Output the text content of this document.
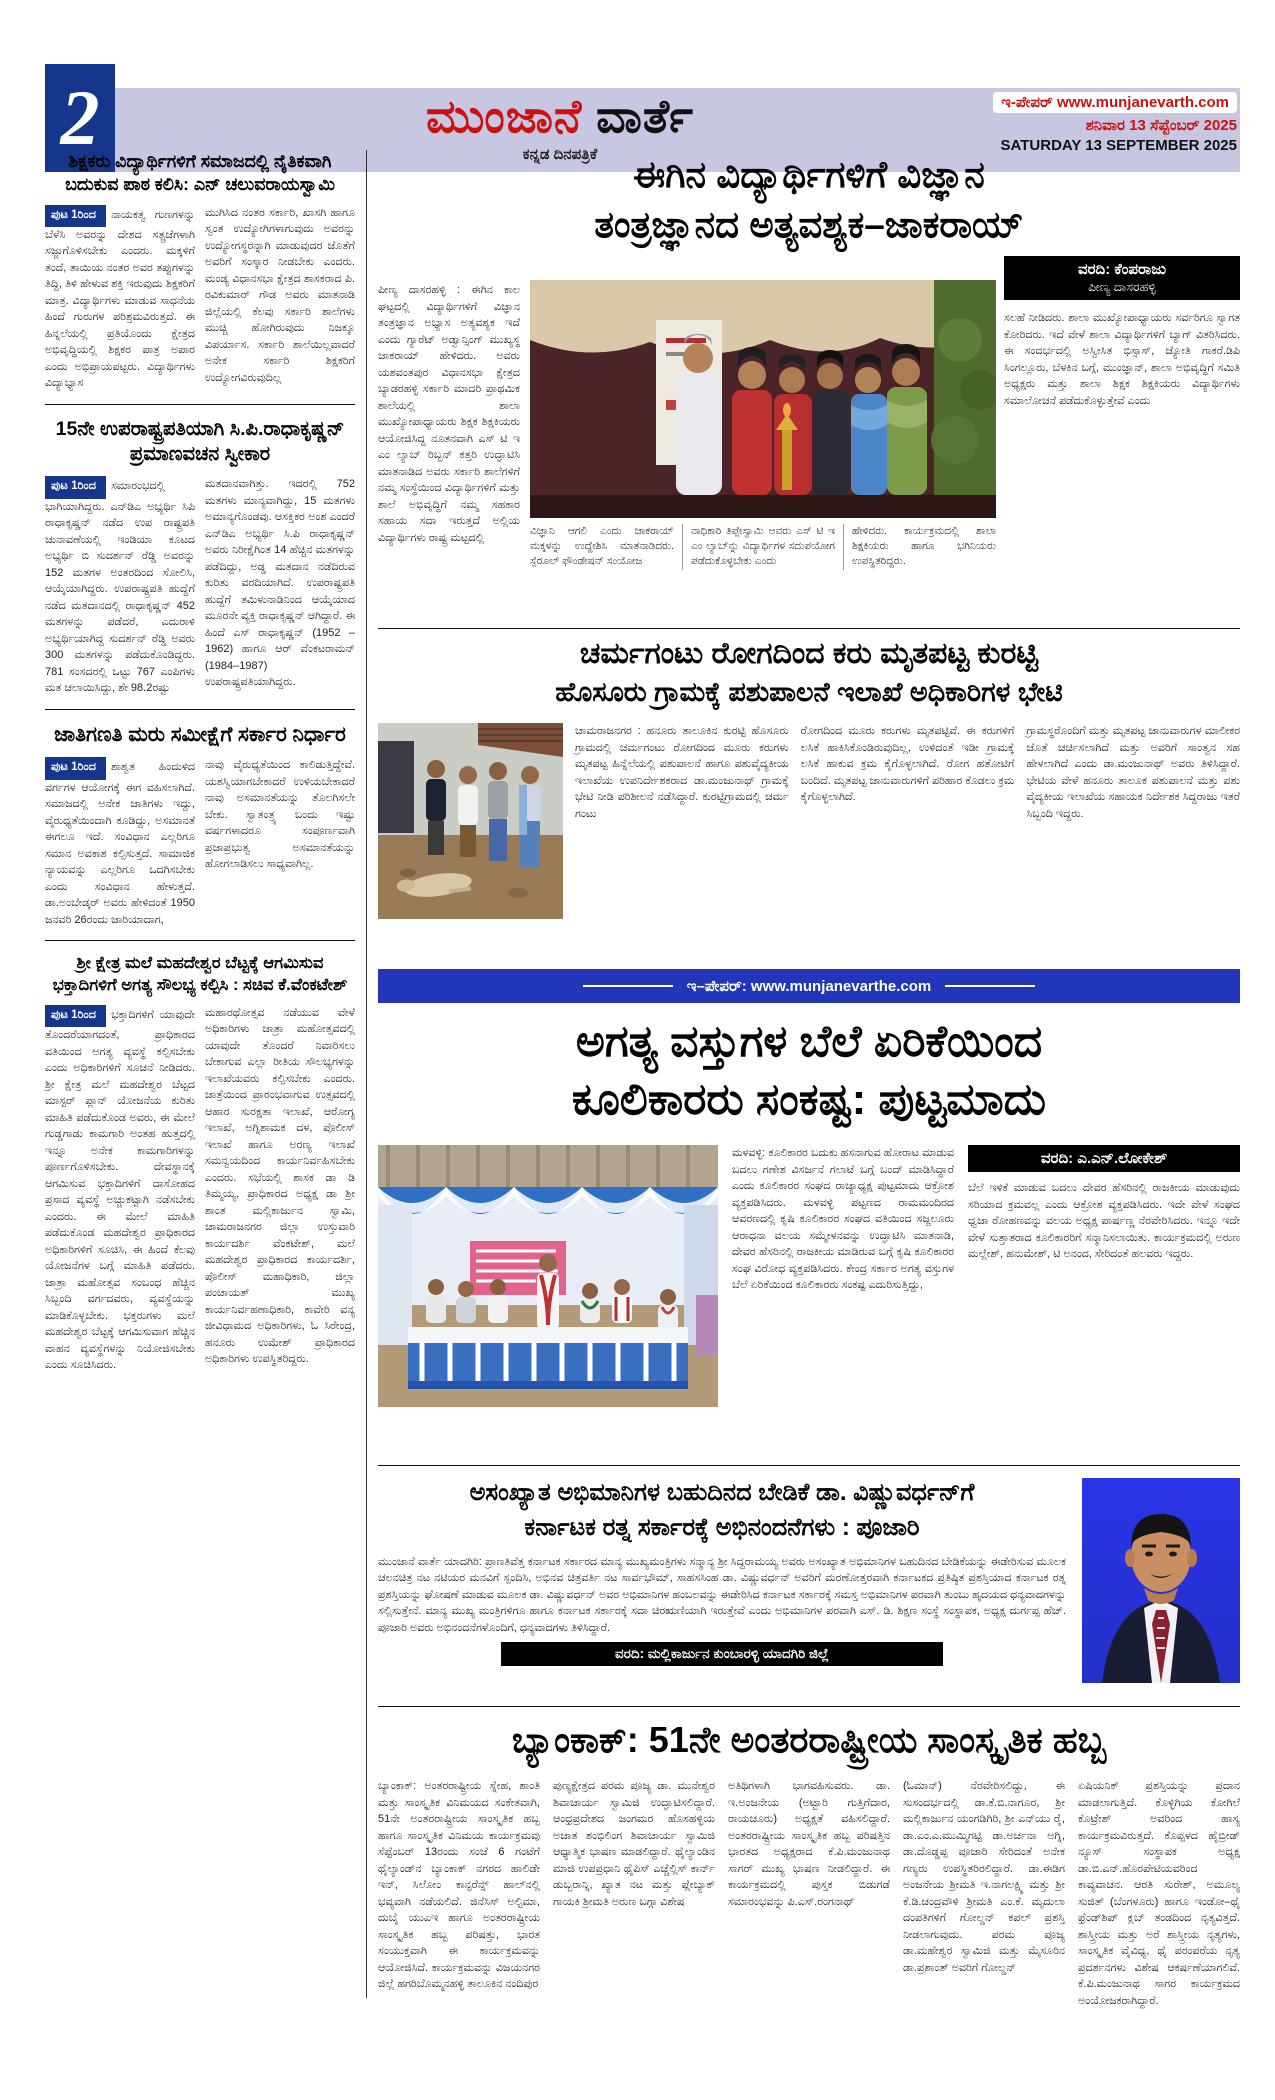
2	ಮುಂಜಾನೆ ವಾರ್ತೆ
ಕನ್ನಡ ದಿನಪತ್ರಿಕೆ
ಇ-ಪೇಪರ್ www.munjanevarth.com
ಶನಿವಾರ 13 ಸೆಪ್ಟೆಂಬರ್ 2025
SATURDAY 13 SEPTEMBER 2025
ಶಿಕ್ಷಕರು ವಿದ್ಯಾರ್ಥಿಗಳಿಗೆ ಸಮಾಜದಲ್ಲಿ ನೈತಿಕವಾಗಿ ಬದುಕುವ ಪಾಠ ಕಲಿಸಿ: ಎನ್ ಚಲುವರಾಯಸ್ವಾಮಿ
ಪುಟ 1ರಿಂದ ನಾಯಕತ್ವ ಗುಣಗಳನ್ನು ಬೆಳೆಸಿ ಅವರನ್ನು ದೇಶದ ಸತ್ಪ್ರಜೆಗಳಾಗಿ ಸಜ್ಜುಗೊಳಿಸಬೇಕು ಎಂದರು. ಮಕ್ಕಳಿಗೆ ತಂದೆ, ತಾಯಿಯ ನಂತರ ಅವರ ತಪ್ಪುಗಳನ್ನು ತಿದ್ದಿ, ತಿಳಿ ಹೇಳುವ ಶಕ್ತಿ ಇರುವುದು ಶಿಕ್ಷಕರಿಗೆ ಮಾತ್ರ. ವಿದ್ಯಾರ್ಥಿಗಳು ಮಾಡುವ ಸಾಧನೆಯ ಹಿಂದೆ ಗುರುಗಳ ಪರಿಶ್ರಮವಿರುತ್ತದೆ. ಈ ಹಿನ್ನಲೆಯಲ್ಲಿ ಪ್ರತಿಯೊಂದು ಕ್ಷೇತ್ರದ ಅಭಿವೃದ್ಧಿಯಲ್ಲಿ ಶಿಕ್ಷಕರ ಪಾತ್ರ ಅಪಾರ ಎಂದು ಅಭಿಪ್ರಾಯಪಟ್ಟರು. ವಿದ್ಯಾರ್ಥಿಗಳು ವಿದ್ಯಾಭ್ಯಾಸ
ಮುಗಿಸಿದ ನಂತರ ಸರ್ಕಾರಿ, ಖಾಸಗಿ ಹಾಗೂ ಸ್ವಂತ ಉದ್ಯೋಗಿಗಳಾಗುವುದು ಅವರನ್ನು ಉದ್ಯೋಗಸ್ಥರನ್ನಾಗಿ ಮಾಡುವುದರ ಜೊತೆಗೆ ಅವರಿಗೆ ಸಂಸ್ಕಾರ ನೀಡಬೇಕು ಎಂದರು. ಮಂಡ್ಯ ವಿಧಾನಸಭಾ ಕ್ಷೇತ್ರದ ಶಾಸಕರಾದ ಪಿ. ರವಿಕುಮಾರ್ ಗೌಡ ಅವರು ಮಾತನಾಡಿ ಜಿಲ್ಲೆಯಲ್ಲಿ ಕೆಲವು ಸರ್ಕಾರಿ ಶಾಲೆಗಳು ಮುಚ್ಚಿ ಹೋಗಿರುವುದು ನಿಜಕ್ಕೂ ವಿಪರ್ಯಾಸ. ಸರ್ಕಾರಿ ಶಾಲೆಯಿಲ್ಲವಾದರೆ ಅನೇಕ ಸರ್ಕಾರಿ ಶಿಕ್ಷಕರಿಗೆ ಉದ್ಯೋಗವಿರುವುದಿಲ್ಲ
15ನೇ ಉಪರಾಷ್ಟ್ರಪತಿಯಾಗಿ ಸಿ.ಪಿ.ರಾಧಾಕೃಷ್ಣನ್ ಪ್ರಮಾಣವಚನ ಸ್ವೀಕಾರ
ಪುಟ 1ರಿಂದ ಸಮಾರಂಭದಲ್ಲಿ ಭಾಗಿಯಾಗಿದ್ದರು. ಎನ್‌ಡಿಎ ಅಭ್ಯರ್ಥಿ ಸಿಪಿ ರಾಧಾಕೃಷ್ಣನ್ ನಡೆದ ಉಪ ರಾಷ್ಟ್ರಪತಿ ಚುನಾವಣೆಯಲ್ಲಿ ಇಂಡಿಯಾ ಕೂಟದ ಅಭ್ಯರ್ಥಿ ಬಿ ಸುದರ್ಶನ್ ರೆಡ್ಡಿ ಅವರನ್ನು 152 ಮತಗಳ ಅಂತರದಿಂದ ಸೋಲಿಸಿ, ಆಯ್ಕೆಯಾಗಿದ್ದರು. ಉಪರಾಷ್ಟ್ರಪತಿ ಹುದ್ದೆಗೆ ನಡೆದ ಮತದಾನದಲ್ಲಿ ರಾಧಾಕೃಷ್ಣನ್ 452 ಮತಗಳನ್ನು ಪಡೆದರೆ, ಎದುರಾಳಿ ಅಭ್ಯರ್ಥಿಯಾಗಿದ್ದ ಸುದರ್ಶನ್ ರೆಡ್ಡಿ ಅವರು 300 ಮತಗಳನ್ನು ಪಡೆದುಕೊಂಡಿದ್ದರು. 781 ಸಂಸದರಲ್ಲಿ ಒಟ್ಟು 767 ಎಂಪಿಗಳು ಮತ ಚಲಾಯಿಸಿದ್ದು, ಶೇ 98.2ರಷ್ಟು
ಮತದಾನವಾಗಿತ್ತು. ಇದರಲ್ಲಿ 752 ಮತಗಳು ಮಾನ್ಯವಾಗಿದ್ದು, 15 ಮತಗಳು ಅಮಾನ್ಯಗೊಂಡವು. ಆಸಕ್ತಿಕರ ಅಂಶ ಎಂದರೆ ಎನ್‌ಡಿಎ ಅಭ್ಯರ್ಥಿ ಸಿ.ಪಿ ರಾಧಾಕೃಷ್ಣನ್ ಅವರು ನಿರೀಕ್ಷೆಗಿಂತ 14 ಹೆಚ್ಚಿನ ಮತಗಳನ್ನು ಪಡೆದಿದ್ದು, ಅಡ್ಡ ಮತದಾನ ನಡೆದಿರುವ ಕುರಿತು ವರದಿಯಾಗಿದೆ. ಉಪರಾಷ್ಟ್ರಪತಿ ಹುದ್ದೆಗೆ ತಮಿಳುನಾಡಿನಿಂದ ಆಯ್ಕೆಯಾದ ಮೂರನೇ ವ್ಯಕ್ತಿ ರಾಧಾಕೃಷ್ಣನ್ ಆಗಿದ್ದಾರೆ. ಈ ಹಿಂದೆ ಎಸ್ ರಾಧಾಕೃಷ್ಣನ್ (1952 – 1962) ಹಾಗೂ ಆರ್ ವೆಂಕಟರಾಮನ್ (1984–1987) ಉಪರಾಷ್ಟ್ರಪತಿಯಾಗಿದ್ದರು.
ಜಾತಿಗಣತಿ ಮರು ಸಮೀಕ್ಷೆಗೆ ಸರ್ಕಾರ ನಿರ್ಧಾರ
ಪುಟ 1ರಿಂದ ಶಾಶ್ವತ ಹಿಂದುಳಿದ ವರ್ಗಗಳ ಆಯೋಗಕ್ಕೆ ಈಗ ವಹಿಸಲಾಗಿದೆ. ಸಮಾಜದಲ್ಲಿ ಅನೇಕ ಜಾತಿಗಳು ಇದ್ದು, ವೈರುಧ್ಯತೆಯಿಂದಾಗಿ ಕೂಡಿದ್ದು, ಅಸಮಾನತೆ ಈಗಲೂ ಇದೆ. ಸಂವಿಧಾನ ಎಲ್ಲರಿಗೂ ಸಮಾನ ಅವಕಾಶ ಕಲ್ಪಿಸುತ್ತದೆ. ಸಾಮಾಜಿಕ ನ್ಯಾಯವನ್ನು ಎಲ್ಲರಿಗೂ ಒದಗಿಸಬೇಕು ಎಂದು ಸಂವಿಧಾನ ಹೇಳುತ್ತದೆ. ಡಾ.ಅಂಬೇಡ್ಕರ್ ಅವರು ಹೇಳಿದಂತೆ 1950 ಜನವರಿ 26ರಂದು ಜಾರಿಯಾದಾಗ,
ನಾವು ವೈರುಧ್ಯತೆಯಿಂದ ಕಾಲಿಡುತ್ತಿದ್ದೇವೆ. ಯಶಸ್ವಿಯಾಗಬೇಕಾದರೆ ಉಳಿಯಬೇಕಾದರೆ ನಾವು ಅಸಮಾನತೆಯನ್ನು ತೊಲಗಿಸಲೇ ಬೇಕು. ಸ್ವಾತಂತ್ರ್ಯ ಬಂದು ಇಷ್ಟು ವರ್ಷಗಳಾದರೂ ಸಂಪೂರ್ಣವಾಗಿ ಪ್ರಜಾಪ್ರಭುತ್ವ ಅಸಮಾನತೆಯನ್ನು ಹೋಗಲಾಡಿಸಲು ಸಾಧ್ಯವಾಗಿಲ್ಲ.
ಶ್ರೀ ಕ್ಷೇತ್ರ ಮಲೆ ಮಹದೇಶ್ವರ ಬೆಟ್ಟಕ್ಕೆ ಆಗಮಿಸುವ ಭಕ್ತಾದಿಗಳಿಗೆ ಅಗತ್ಯ ಸೌಲಭ್ಯ ಕಲ್ಪಿಸಿ : ಸಚಿವ ಕೆ.ವೆಂಕಟೇಶ್
ಪುಟ 1ರಿಂದ ಭಕ್ತಾದಿಗಳಿಗೆ ಯಾವುದೇ ತೊಂದರೆಯಾಗದಂತೆ, ಪ್ರಾಧಿಕಾರದ ವತಿಯಿಂದ ಅಗತ್ಯ ವ್ಯವಸ್ಥೆ ಕಲ್ಪಿಸಬೇಕು ಎಂದು ಅಧಿಕಾರಿಗಳಿಗೆ ಸೂಚನೆ ನೀಡಿದರು. ಶ್ರೀ ಕ್ಷೇತ್ರ ಮಲೆ ಮಹದೇಶ್ವರ ಬೆಟ್ಟದ ಮಾಸ್ಟರ್ ಪ್ಲಾನ್ ಯೋಜನೆಯ ಕುರಿತು ಮಾಹಿತಿ ಪಡೆದುಕೊಂಡ ಅವರು, ಈ ಮೇಲೆ ಗುಡ್ಡಗಾಡು ಕಾಮಗಾರಿ ಅಂತಹ ಹುತ್ತದಲ್ಲಿ ಇನ್ನೂ ಅನೇಕ ಕಾಮಗಾರಿಗಳನ್ನು ಪೂರ್ಣಗೊಳಿಸಬೇಕು. ದೇವಸ್ಥಾನಕ್ಕೆ ಆಗಮಿಸುವ ಭಕ್ತಾದಿಗಳಿಗೆ ದಾಸೋಹದ ಪ್ರಸಾದ ವ್ಯವಸ್ಥೆ ಅಚ್ಚುಕಟ್ಟಾಗಿ ನಡೆಸಬೇಕು ಎಂದರು. ಈ ಮೇಲೆ ಮಾಹಿತಿ ಪಡೆದುಕೊಂಡ ಮಹದೇಶ್ವರ ಪ್ರಾಧಿಕಾರದ ಅಧಿಕಾರಿಗಳಿಗೆ ಸೂಚಿಸಿ, ಈ ಹಿಂದೆ ಕೆಲವು ಯೋಜನೆಗಳ ಬಗ್ಗೆ ಮಾಹಿತಿ ಪಡೆದರು. ಜಾತ್ರಾ ಮಹೋತ್ಸವ ಸಂಬಂಧ ಹೆಚ್ಚಿನ ಸಿಬ್ಬಂದಿ ವರ್ಗದವರು, ವ್ಯವಸ್ಥೆಯನ್ನು ಮಾಡಿಕೊಳ್ಳಬೇಕು. ಭಕ್ತರುಗಳು ಮಲೆ ಮಹದೇಶ್ವರ ಬೆಟ್ಟಕ್ಕೆ ಆಗಮಿಸುವಾಗ ಹೆಚ್ಚಿನ ವಾಹನ ವ್ಯವಸ್ಥೆಗಳನ್ನು ನಿಯೋಜಿಸಬೇಕು ಎಂದು ಸೂಚಿಸಿದರು.
ಮಹಾರಥೋತ್ಸವ ನಡೆಯುವ ವೇಳೆ ಅಧಿಕಾರಿಗಳು ಜಾತ್ರಾ ಮಹೋತ್ಸವದಲ್ಲಿ ಯಾವುದೇ ತೊಂದರೆ ನಿವಾರಿಸಲು ಬೇಕಾಗುವ ಎಲ್ಲಾ ರೀತಿಯ ಸೌಲಭ್ಯಗಳನ್ನು ಇಲಾಖೆಯವರು ಕಲ್ಪಿಸಬೇಕು ಎಂದರು. ಜಾತ್ರೆಯಿಂದ ಪ್ರಾರಂಭವಾಗುವ ಉತ್ಸವದಲ್ಲಿ ಆಹಾರ ಸುರಕ್ಷತಾ ಇಲಾಖೆ, ಆರೋಗ್ಯ ಇಲಾಖೆ, ಅಗ್ನಿಶಾಮಕ ದಳ, ಪೊಲೀಸ್ ಇಲಾಖೆ ಹಾಗೂ ಅರಣ್ಯ ಇಲಾಖೆ ಸಮನ್ವಯದಿಂದ ಕಾರ್ಯನಿರ್ವಹಿಸಬೇಕು ಎಂದರು. ಸಭೆಯಲ್ಲಿ ಶಾಸಕ ಡಾ ಡಿ ತಿಮ್ಮಯ್ಯ, ಪ್ರಾಧಿಕಾರದ ಅಧ್ಯಕ್ಷ ಡಾ ಶ್ರೀ ಶಾಂತ ಮಲ್ಲಿಕಾರ್ಜುನ ಸ್ವಾಮಿ, ಚಾಮರಾಜನಗರ ಜಿಲ್ಲಾ ಉಸ್ತುವಾರಿ ಕಾರ್ಯದರ್ಶಿ ವೆಂಕಟೇಶ್, ಮಲೆ ಮಹದೇಶ್ವರ ಪ್ರಾಧಿಕಾರದ ಕಾರ್ಯದರ್ಶಿ, ಪೊಲೀಸ್ ಮಹಾಧಿಕಾರಿ, ಜಿಲ್ಲಾ ಪಂಚಾಯತ್ ಮುಖ್ಯ ಕಾರ್ಯನಿರ್ವಹಣಾಧಿಕಾರಿ, ಕಾವೇರಿ ವನ್ಯ ಜೀವಿಧಾಮದ ಅಧಿಕಾರಿಗಳು, ಓ ಸಿರೇಂದ್ರ, ಹನೂರು ಉಮೇಶ್ ಪ್ರಾಧಿಕಾರದ ಅಧಿಕಾರಿಗಳು ಉಪಸ್ಥಿತರಿದ್ದರು.
ಈಗಿನ ವಿದ್ಯಾರ್ಥಿಗಳಿಗೆ ವಿಜ್ಞಾನ
ತಂತ್ರಜ್ಞಾನದ ಅತ್ಯವಶ್ಯಕ–ಜಾಕರಾಯ್
ಪೀಣ್ಯ ದಾಸರಹಳ್ಳಿ : ಈಗಿನ ಕಾಲ ಘಟ್ಟದಲ್ಲಿ ವಿದ್ಯಾರ್ಥಿಗಳಿಗೆ ವಿಜ್ಞಾನ ತಂತ್ರಜ್ಞಾನ ಅಭ್ಯಾಸ ಅತ್ಯವಶ್ಯಕ ಇದೆ ಎಂದು ಗ್ಯಾರೆಟ್ ಅಡ್ವಾನ್ಸಿಂಗ್ ಮುಖ್ಯಸ್ಥ ಜಾಕರಾಯ್ ಹೇಳಿದರು. ಅವರು ಯಶವಂತಪುರ ವಿಧಾನಸಭಾ ಕ್ಷೇತ್ರದ ಬ್ಯಾಡರಹಳ್ಳಿ ಸರ್ಕಾರಿ ಮಾದರಿ ಪ್ರಾಥಮಿಕ ಶಾಲೆಯಲ್ಲಿ ಶಾಲಾ ಮುಖ್ಯೋಪಾಧ್ಯಾಯರು ಶಿಕ್ಷಕ ಶಿಕ್ಷಕಿಯರು ಆಯೋಜಿಸಿದ್ದ ನೂತನವಾಗಿ ಎಸ್ ಟಿ ಇ ಎಂ ಲ್ಯಾಬ್ ರಿಬ್ಬನ್ ಕತ್ತರಿ ಉದ್ಘಾಟಿಸಿ ಮಾತನಾಡಿದ ಅವರು ಸರ್ಕಾರಿ ಶಾಲೆಗಳಿಗೆ ನಮ್ಮ ಸಂಸ್ಥೆಯಿಂದ ವಿದ್ಯಾರ್ಥಿಗಳಿಗೆ ಮತ್ತು ಶಾಲೆ ಅಭಿವೃದ್ಧಿಗೆ ನಮ್ಮ ಸಹಕಾರ ಸಹಾಯ ಸದಾ ಇರುತ್ತದೆ ಅಲ್ಲಿಯ ವಿದ್ಯಾರ್ಥಿಗಳು ರಾಷ್ಟ್ರ ಮಟ್ಟದಲ್ಲಿ
ವಿಜ್ಞಾನಿ ಆಗಲಿ ಎಂದು ಜಾಕರಾಯ್ ಮಕ್ಕಳನ್ನು ಉದ್ದೇಶಿಸಿ ಮಾತನಾಡಿದರು. ಸ್ಪೆರೂಲ್ ಫೌಂಡೇಷನ್ ಸಂಯೋಜ
ನಾಧಿಕಾರಿ ತಿಪ್ಪೇಸ್ವಾಮಿ ಅವರು ಎಸ್ ಟಿ ಇ ಎಂ ಲ್ಯಾಬ್‌ನ್ನು ವಿದ್ಯಾರ್ಥಿಗಳ ಸದುಪಯೋಗ ಪಡೆದುಕೊಳ್ಳಬೇಕು ಎಂದು
ಹೇಳಿದರು. ಕಾರ್ಯಕ್ರಮದಲ್ಲಿ ಶಾಲಾ ಶಿಕ್ಷಕಿಯರು ಹಾಗೂ ಭಗಿನಿಯರು ಉಪಸ್ಥಿತರಿದ್ದರು.
ವರದಿ: ಕೆಂಪರಾಜು
ಪೀಣ್ಯ ದಾಸರಹಳ್ಳಿ
ಸಲಹೆ ನೀಡಿದರು. ಶಾಲಾ ಮುಖ್ಯೋಪಾಧ್ಯಾಯರು ಸರ್ವರಿಗೂ ಸ್ವಾಗತ ಕೋರಿದರು. ಇದೆ ವೇಳೆ ಶಾಲಾ ವಿದ್ಯಾರ್ಥಿಗಳಿಗೆ ಬ್ಯಾಗ್ ವಿತರಿಸಿದರು. ಈ ಸಂದರ್ಭದಲ್ಲಿ ಅಸ್ವೀಸಿತ ಭಿಸ್ಸಾಸ್, ಜ್ಯೋತಿ ಗಾಕರೆ.ಡಿಪಿ ಸಿಂಗಲ್ಲೂರು, ಬೆಳಕಿನ ಬಗ್ಗೆ, ಮುಂಜ್ಞಾನ್, ಶಾಲಾ ಅಭಿವೃದ್ಧಿಗೆ ಸಮಿತಿ ಅಧ್ಯಕ್ಷರು ಮತ್ತು ಶಾಲಾ ಶಿಕ್ಷಕ ಶಿಕ್ಷಕಿಯರು ವಿದ್ಯಾರ್ಥಿಗಳು ಸಮಾಲೋಚನೆ ಪಡೆದುಕೊಳ್ಳುತ್ತೇವೆ ಎಂದು
ಚರ್ಮಗಂಟು ರೋಗದಿಂದ ಕರು ಮೃತಪಟ್ಟ ಕುರಟ್ಟಿ
ಹೊಸೂರು ಗ್ರಾಮಕ್ಕೆ ಪಶುಪಾಲನೆ ಇಲಾಖೆ ಅಧಿಕಾರಿಗಳ ಭೇಟಿ
ಚಾಮರಾಜನಗರ : ಹನೂರು ತಾಲೂಕಿನ ಕುರಟ್ಟಿ ಹೊಸೂರು ಗ್ರಾಮದಲ್ಲಿ ಚರ್ಮಗಂಟು ರೋಗದಿಂದ ಮೂರು ಕರುಗಳು ಮೃತಪಟ್ಟ ಹಿನ್ನೆಲೆಯಲ್ಲಿ ಪಶುಪಾಲನೆ ಹಾಗೂ ಪಶುವೈದ್ಯಕೀಯ ಇಲಾಖೆಯ ಉಪನಿರ್ದೇಶಕರಾದ ಡಾ.ಮಂಜುನಾಥ್ ಗ್ರಾಮಕ್ಕೆ ಭೇಟಿ ನೀಡಿ ಪರಿಶೀಲನೆ ನಡೆಸಿದ್ದಾರೆ. ಕುರಟ್ಟಿಗ್ರಾಮದಲ್ಲಿ ಚರ್ಮ ಗಂಟು
ರೋಗದಿಂದ ಮೂರು ಕರುಗಳು ಮೃತಪಟ್ಟಿವೆ. ಈ ಕರುಗಳಿಗೆ ಲಸಿಕೆ ಹಾಕಿಸಿಕೊಂಡಿರುವುದಿಲ್ಲ, ಉಳಿದಂತೆ ಇಡೀ ಗ್ರಾಮಕ್ಕೆ ಲಸಿಕೆ ಹಾಕುವ ಕ್ರಮ ಕೈಗೊಳ್ಳಲಾಗಿದೆ. ರೋಗ ಹತೋಟಿಗೆ ಬಂದಿದೆ. ಮೃತಪಟ್ಟ ಜಾನುವಾರುಗಳಿಗೆ ಪರಿಹಾರ ಕೊಡಲು ಕ್ರಮ ಕೈಗೊಳ್ಳಲಾಗಿದೆ.
ಗ್ರಾಮಸ್ಥರೊಂದಿಗೆ ಮತ್ತು ಮೃತಪಟ್ಟ ಜಾನುವಾರುಗಳ ಮಾಲೀಕರ ಜೊತೆ ಚರ್ಚಿಸಲಾಗಿದೆ ಮತ್ತು ಅವರಿಗೆ ಸಾಂತ್ವನ ಸಹ ಹೇಳಲಾಗಿದೆ ಎಂದು ಡಾ.ಮಂಜುನಾಥ್ ಅವರು ತಿಳಿಸಿದ್ದಾರೆ. ಭೇಟಿಯ ವೇಳೆ ಹನೂರು ತಾಲೂಕ ಪಶುಪಾಲನೆ ಮತ್ತು ಪಶು ವೈದ್ಯಕೀಯ ಇಲಾಖೆಯ ಸಹಾಯಕ ನಿರ್ದೇಶಕ ಸಿದ್ದರಾಜು ಇತರೆ ಸಿಬ್ಬಂದಿ ಇದ್ದರು.
ಇ–ಪೇಪರ್: www.munjanevarthe.com
ಅಗತ್ಯ ವಸ್ತುಗಳ ಬೆಲೆ ಏರಿಕೆಯಿಂದ
ಕೂಲಿಕಾರರು ಸಂಕಷ್ಟ: ಪುಟ್ಟಮಾದು
ಮಳವಳ್ಳಿ: ಕೂಲಿಕಾರರ ಬದುಕು ಹಸನಾಗುವ ಹೋರಾಟ ಮಾಡುವ ಬದಲು ಗಣೇಶ ವಿಸರ್ಜನೆ ಗಲಾಟೆ ಬಗ್ಗೆ ಬಂದ್ ಮಾಡಿಸಿದ್ದಾರೆ ಎಂದು ಕೂಲಿಕಾರರ ಸಂಘದ ರಾಜ್ಯಾಧ್ಯಕ್ಷ ಪುಟ್ಟಮಾದು ಆಕ್ರೋಶ ವ್ಯಕ್ತಪಡಿಸಿದರು. ಮಳವಳ್ಳಿ ಪಟ್ಟಣದ ರಾಮಮಂದಿರದ ಆವರಣದಲ್ಲಿ ಕೃಷಿ ಕೂಲಿಕಾರರ ಸಂಘದ ವತಿಯಿಂದ ಸಜ್ಜಲೂರು ಆರಾಧನಾ ವಲಯ ಸಮ್ಮೇಳನವನ್ನು ಉದ್ಘಾಟಿಸಿ ಮಾತನಾಡಿ, ದೇವರ ಹೆಸರಿನಲ್ಲಿ ರಾಜಕೀಯ ಮಾಡಿರುವ ಬಗ್ಗೆ ಕೃಷಿ ಕೂಲಿಕಾರರ ಸಂಘ ವಿರೋಧ ವ್ಯಕ್ತಪಡಿಸಿದರು. ಕೇಂದ್ರ ಸರ್ಕಾರ ಅಗತ್ಯ ವಸ್ತುಗಳ ಬೆಲೆ ಏರಿಕೆಯಿಂದ ಕೂಲಿಕಾರರು ಸಂಕಷ್ಟ ಎದುರಿಸುತ್ತಿದ್ದು,
ವರದಿ: ಎ.ಎನ್.ಲೋಕೇಶ್
ಬೆಲೆ ಇಳಿಕೆ ಮಾಡುವ ಬದಲು ದೇವರ ಹೆಸರಿನಲ್ಲಿ ರಾಜಕೀಯ ಮಾಡುವುದು ಸರಿಯಾದ ಕ್ರಮವಲ್ಲ ಎಂದು ಆಕ್ರೋಶ ವ್ಯಕ್ತಪಡಿಸಿದರು. ಇದೇ ವೇಳೆ ಸಂಘದ ಧ್ವಜಾ ರೋಹಣವನ್ನು ವಲಯ ಅಧ್ಯಕ್ಷ ಪಾರ್ಷಣ್ಣ ನೆರವೇರಿಸಿದರು. ಇನ್ನೂ ಇದೇ ವೇಳೆ ಸುತ್ತಾತರಾದ ಕೂಲಿಕಾರರಿಗೆ ಸನ್ಮಾನಿಸಲಾಯಿತು. ಕಾರ್ಯಕ್ರಮದಲ್ಲಿ ಅರುಣ ಮಲ್ಲೇಶ್, ಹನುಮೇಶ್, ಟಿ ಅನಂದ, ಸೇರಿದಂತೆ ಹಲವರು ಇದ್ದರು.
ಅಸಂಖ್ಯಾತ ಅಭಿಮಾನಿಗಳ ಬಹುದಿನದ ಬೇಡಿಕೆ ಡಾ. ವಿಷ್ಣುವರ್ಧನ್‌ಗೆ
ಕರ್ನಾಟಕ ರತ್ನ ಸರ್ಕಾರಕ್ಕೆ ಅಭಿನಂದನೆಗಳು : ಪೂಜಾರಿ
ಮುಂಜಾನೆ ವಾರ್ತೆ ಯಾದಗಿರಿ: ಪ್ರಾಣತಿವೆತ್ತ ಕರ್ನಾಟಕ ಸರ್ಕಾರದ ಮಾನ್ಯ ಮುಖ್ಯಮಂತ್ರಿಗಳು ಸನ್ಮಾನ್ಯ ಶ್ರೀ ಸಿದ್ದರಾಮಯ್ಯ ಅವರು ಅಸಂಖ್ಯಾತ ಅಭಿಮಾನಿಗಳ ಬಹುದಿನದ ಬೇಡಿಕೆಯನ್ನು ಈಡೇರಿಸುವ ಮೂಲಕ ಚಲನಚಿತ್ರ ನಟ ನಟಿಯರ ಮನವಿಗೆ ಸ್ಪಂದಿಸಿ, ಅಭಿನವ ಚಿತ್ರವರ್ತಿ ನಟ ಸಾರ್ವಭೌಮ್, ಸಾಹಸಸಿಂಹ ಡಾ. ವಿಷ್ಣುವರ್ಧನ್ ಅವರಿಗೆ ಮರಣೋತ್ತರವಾಗಿ ಕರ್ನಾಟಕದ ಪ್ರತಿಷ್ಠಿತ ಪ್ರಶಸ್ತಿಯಾದ ಕರ್ನಾಟಕ ರತ್ನ ಪ್ರಶಸ್ತಿಯನ್ನು ಘೋಷಣೆ ಮಾಡುವ ಮೂಲಕ ಡಾ. ವಿಷ್ಣುವರ್ಧನ್ ಅವರ ಅಭಿಮಾನಿಗಳ ಹಂಬಲವನ್ನು ಈಡೇರಿಸಿದ ಕರ್ನಾಟಕ ಸರ್ಕಾರಕ್ಕೆ ಸಮಸ್ತ ಅಭಿಮಾನಿಗಳ ಪರವಾಗಿ ತುಂಬು ಹೃದಯದ ಧನ್ಯವಾದಗಳನ್ನು ಸಲ್ಲಿಸುತ್ತೇನೆ. ಮಾನ್ಯ ಮುಖ್ಯ ಮಂತ್ರಿಗಳಿಗೂ ಹಾಗೂ ಕರ್ನಾಟಕ ಸರ್ಕಾರಕ್ಕೆ ಸದಾ ಚಿರಋಣಿಯಾಗಿ ಇರುತ್ತೇವೆ ಎಂದು ಅಭಿಮಾನಿಗಳ ಪರವಾಗಿ ಎಸ್. ಡಿ. ಶಿಕ್ಷಣ ಸಂಸ್ಥೆ ಸಂಸ್ಥಾಪಕ, ಅಧ್ಯಕ್ಷ ದುರ್ಗಪ್ಪ ಹೆಚ್. ಪೂಜಾರಿ ಅವರು ಅಭಿನಂದನೆಗಳೊಂದಿಗೆ, ಧನ್ಯವಾದಗಳು ತಿಳಿಸಿದ್ದಾರೆ.
ವರದಿ: ಮಲ್ಲಿಕಾರ್ಜುನ ಕುಂಬಾರಳ್ಳಿ ಯಾದಗಿರಿ ಜಿಲ್ಲೆ
ಬ್ಯಾಂಕಾಕ್: 51ನೇ ಅಂತರರಾಷ್ಟ್ರೀಯ ಸಾಂಸ್ಕೃತಿಕ ಹಬ್ಬ
ಬ್ಯಾಂಕಾಕ್: ಅಂತರರಾಷ್ಟ್ರೀಯ ಸ್ನೇಹ, ಶಾಂತಿ ಮತ್ತು ಸಾಂಸ್ಕೃತಿಕ ವಿನಿಮಯದ ಸಂಕೇತವಾಗಿ, 51ನೇ ಅಂತರರಾಷ್ಟ್ರೀಯ ಸಾಂಸ್ಕೃತಿಕ ಹಬ್ಬ ಹಾಗೂ ಸಾಂಸ್ಕೃತಿಕ ವಿನಿಮಯ ಕಾರ್ಯಕ್ರಮವು ಸೆಪ್ಟೆಂಬರ್ 13ರಂದು ಸಂಜೆ 6 ಗಂಟೆಗೆ ಥೈಲ್ಯಾಂಡ್‌ನ ಬ್ಯಾಂಕಾಕ್ ನಗರದ ಹಾಲಿಡೇ ಇನ್, ಸಿಲೋಂ ಕಾನ್ಫರೆನ್ಸ್ ಹಾಲ್‌ನಲ್ಲಿ ಭವ್ಯವಾಗಿ ನಡೆಯಲಿದೆ. ಜಿನೆಸಿಸ್ ಅಲ್ಟಿಮಾ, ದುಬೈ ಯುಎಇ ಹಾಗೂ ಅಂತರರಾಷ್ಟ್ರೀಯ ಸಾಂಸ್ಕೃತಿಕ ಹಬ್ಬ ಪರಿಷತ್ತು, ಭಾರತ ಸಂಯುಕ್ತವಾಗಿ ಈ ಕಾರ್ಯಕ್ರಮವನ್ನು ಆಯೋಜಿಸಿದೆ. ಕಾರ್ಯಕ್ರಮವನ್ನು ವಿಜಯನಗರ ಜಿಲ್ಲೆ ಹಗರಿಬೊಮ್ಮನಹಳ್ಳಿ ತಾಲೂಕಿನ ನಂದಿಪುರ
ಪುಣ್ಯಕ್ಷೇತ್ರದ ಪರಮ ಪೂಜ್ಯ ಡಾ. ಮುನೇಶ್ವರ ಶಿವಾಚಾರ್ಯ ಸ್ವಾಮಿಜಿ ಉದ್ಘಾಟಿಸಲಿದ್ದಾರೆ. ಆಂಧ್ರಪ್ರದೇಶದ ಜಂಗಮರ ಹೊಸಹಳ್ಳಿಯ ಅಜಾತ ಶಂಭಿಲಿಂಗ ಶಿವಾಚಾರ್ಯ ಸ್ವಾಮಿಜಿ ಆಧ್ಯಾತ್ಮಿಕ ಭಾಷಣ ಮಾಡಲಿದ್ದಾರೆ. ಥೈಲ್ಯಾಂಡಿನ ಮಾಜಿ ಉಪಪ್ರಧಾನಿ ಥೈಪಿಸ್ ಎಚ್ಚೆಲ್ಲಿಸ್ ಕಾರ್ನ್ ಡುಬ್ಬರಾನ್ನಿ, ಖ್ಯಾತ ನಟ ಮತ್ತು ಪ್ಲೇಬ್ಯಾಕ್ ಗಾಯಕಿ ಶ್ರೀಮತಿ ಅರುಣ ಬಗ್ಗಾ ವಿಶೇಷ
ಅತಿಥಿಗಳಾಗಿ ಭಾಗವಹಿಸುವರು. ಡಾ. ಇ.ಅಂಜನೇಯ (ಅಟ್ಬಾರಿ ಗುತ್ತಿಗೆದಾರ, ರಾಯಚೂರು) ಅಧ್ಯಕ್ಷತೆ ವಹಿಸಲಿದ್ದಾರೆ. ಅಂತರರಾಷ್ಟ್ರೀಯ ಸಾಂಸ್ಕೃತಿಕ ಹಬ್ಬ ಪರಿಷತ್ತಿನ ಭಾರತದ ಅಧ್ಯಕ್ಷರಾದ ಕೆ.ಪಿ.ಮಂಜುನಾಥ ಸಾಗರ್ ಮುಖ್ಯ ಭಾಷಣ ನೀಡಲಿದ್ದಾರೆ. ಈ ಕಾರ್ಯಕ್ರಮದಲ್ಲಿ ಪುಸ್ತಕ ಬಿಡುಗಡೆ ಸಮಾರಂಭವನ್ನು ಪಿ.ಎಸ್.ರಂಗನಾಥ್
(ಓಮಾನ್) ನೆರವೇರಿಸಲಿದ್ದು, ಈ ಸುಸಂದರ್ಭದಲ್ಲಿ ಡಾ.ಕೆ.ಬಿ.ನಾಗೂರ, ಶ್ರೀ ಮಲ್ಲಿಕಾರ್ಜುನ ಯಂಗಡಿಗಿರಿ, ಶ್ರೀ ಎನ್‌ಯು ರೈ, ಡಾ.ಎಂ.ಎ.ಮುಮ್ಮಿಗಟ್ಟಿ ಡಾ.ಅರ್ಚನಾ ಅಗ್ನಿ, ಡಾ.ದೊಡ್ಡಪ್ಪ ಪೂಜಾರಿ ಸೇರಿದಂತೆ ಅನೇಕ ಗಣ್ಯರು ಉಪಸ್ಥಿತರಿರಲಿದ್ದಾರೆ. ಡಾ.ಈಡಿಗ ಅಂಜನೇಯ ಶ್ರೀಮತಿ ಇ.ನಾಗಲಕ್ಷ್ಮಿ ಮತ್ತು ಶ್ರೀ ಕೆ.ಡಿ.ಚಂದ್ರವೌಳಿ ಶ್ರೀಮತಿ ಎಂ.ಕೆ. ಮೃದುಲಾ ದಂಪತಿಗಳಿಗೆ ಗೋಲ್ಡನ್ ಕಪಲ್ ಪ್ರಶಸ್ತಿ ನೀಡಲಾಗುವುದು. ಪರಮ ಪೂಜ್ಯ ಡಾ.ಮಹೇಶ್ವರ ಸ್ವಾಮಿಜಿ ಮತ್ತು ಮೈಸೂರಿನ ಡಾ.ಪ್ರಶಾಂತ್ ಅವರಿಗೆ ಗೋಲ್ಡನ್
ಏಷಿಯನಿಕ್ ಪ್ರಶಸ್ತಿಯನ್ನು ಪ್ರದಾನ ಮಾಡಲಾಗುತ್ತಿದೆ. ಕೊಳ್ಳಿಗಿಯ ಕೋಗಿಲೆ ಕೊಟ್ರೇಶ್ ಅವರಿಂದ ಹಾಸ್ಯ ಕಾರ್ಯಕ್ರಮವಿರುತ್ತದೆ. ಕೊಪ್ಪಳದ ಹೈಬ್ರೀಡ್ ನ್ಯೂಸ್ ಸಂಸ್ಥಾಪಕ ಅಧ್ಯಕ್ಷ ಡಾ.ಬಿ.ಎನ್.ಹೊರಪೇಟಿಯವರಿಂದ ಕಾವ್ಯವಾಚನ. ಆರತಿ ಸುರೇಶ್, ಅಮೂಲ್ಯ ಸುಜಿತ್ (ಬೆಂಗಳೂರು) ಹಾಗೂ ಇಂಡೋ–ಥೈ ಫ್ರೆಂಡ್‌ಶಿಪ್ ಕ್ಲಬ್ ತಂಡದಿಂದ ನೃತ್ಯವಿತ್ತದೆ. ಶಾಸ್ತ್ರೀಯ ಮತ್ತು ಅರೆ ಶಾಸ್ತ್ರೀಯ ನೃತ್ಯಗಳು, ಸಾಂಸ್ಕೃತಿಕ ವೈವಿಧ್ಯ, ಥೈ ಪರಂಪರೆಯ ನೃತ್ಯ ಪ್ರದರ್ಶನಗಳು ವಿಶೇಷ ಆಕರ್ಷಣೆಯಾಗಲಿವೆ. ಕೆ.ಪಿ.ಮಂಜುನಾಥ ಸಾಗರ ಕಾರ್ಯಕ್ರಮದ ಅಂಯೋಜಕರಾಗಿದ್ದಾರೆ.
